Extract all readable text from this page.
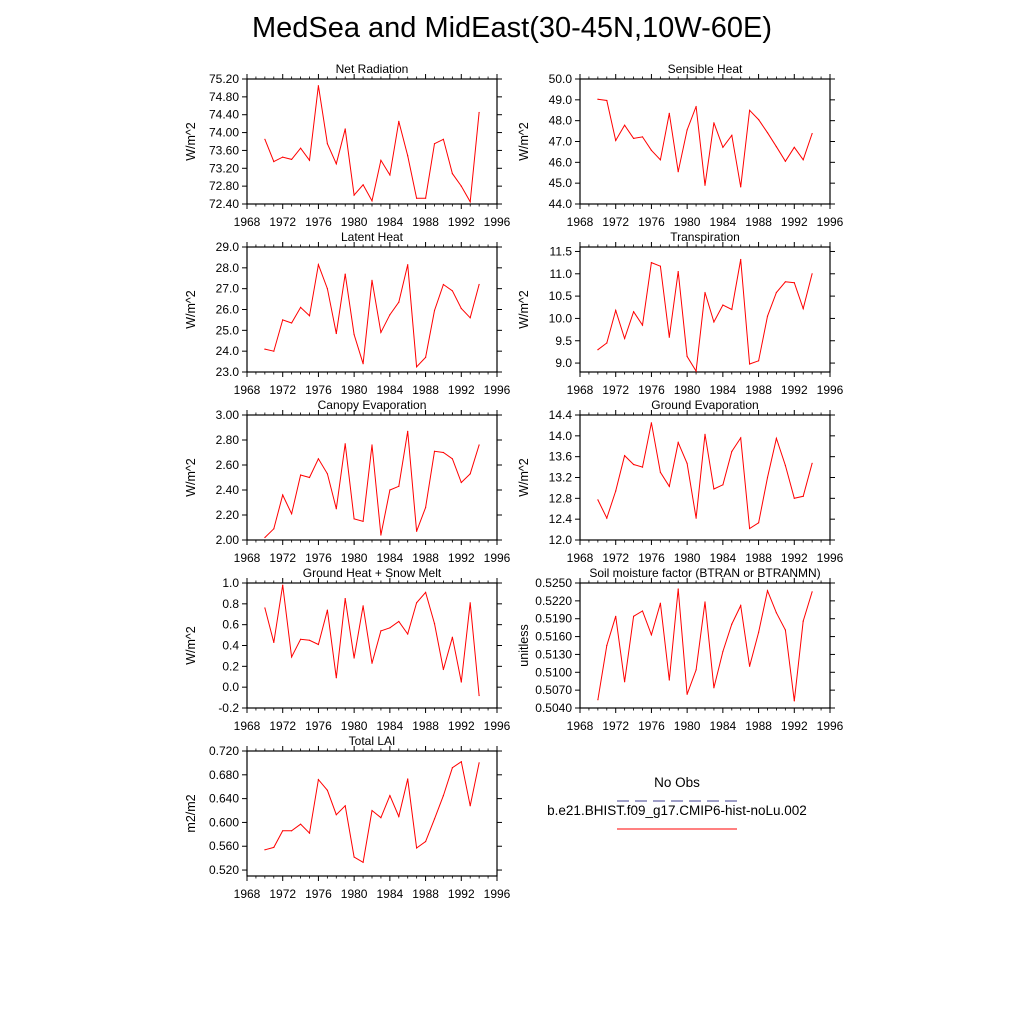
MedSea and MidEast(30-45N,10W-60E)
Net Radiation
W/m^2
1968 1972 1976 1980 1984 1988 1992 1996
72.40
72.80
73.20
73.60
74.00
74.40
74.80
75.20
Sensible Heat
W/m^2
1968 1972 1976 1980 1984 1988 1992 1996
44.0
45.0
46.0
47.0
48.0
49.0
50.0
Latent Heat
W/m^2
1968 1972 1976 1980 1984 1988 1992 1996
23.0
24.0
25.0
26.0
27.0
28.0
29.0
Transpiration
W/m^2
1968 1972 1976 1980 1984 1988 1992 1996
9.0
9.5
10.0
10.5
11.0
11.5
Canopy Evaporation
W/m^2
1968 1972 1976 1980 1984 1988 1992 1996
2.00
2.20
2.40
2.60
2.80
3.00
Ground Evaporation
W/m^2
1968 1972 1976 1980 1984 1988 1992 1996
12.0
12.4
12.8
13.2
13.6
14.0
14.4
Ground Heat + Snow Melt
W/m^2
1968 1972 1976 1980 1984 1988 1992 1996
-0.2
0.0
0.2
0.4
0.6
0.8
1.0
Soil moisture factor (BTRAN or BTRANMN)
unitless
1968 1972 1976 1980 1984 1988 1992 1996
0.5040
0.5070
0.5100
0.5130
0.5160
0.5190
0.5220
0.5250
Total LAI
m2/m2
1968 1972 1976 1980 1984 1988 1992 1996
0.520
0.560
0.600
0.640
0.680
0.720
No Obs
b.e21.BHIST.f09_g17.CMIP6-hist-noLu.002
